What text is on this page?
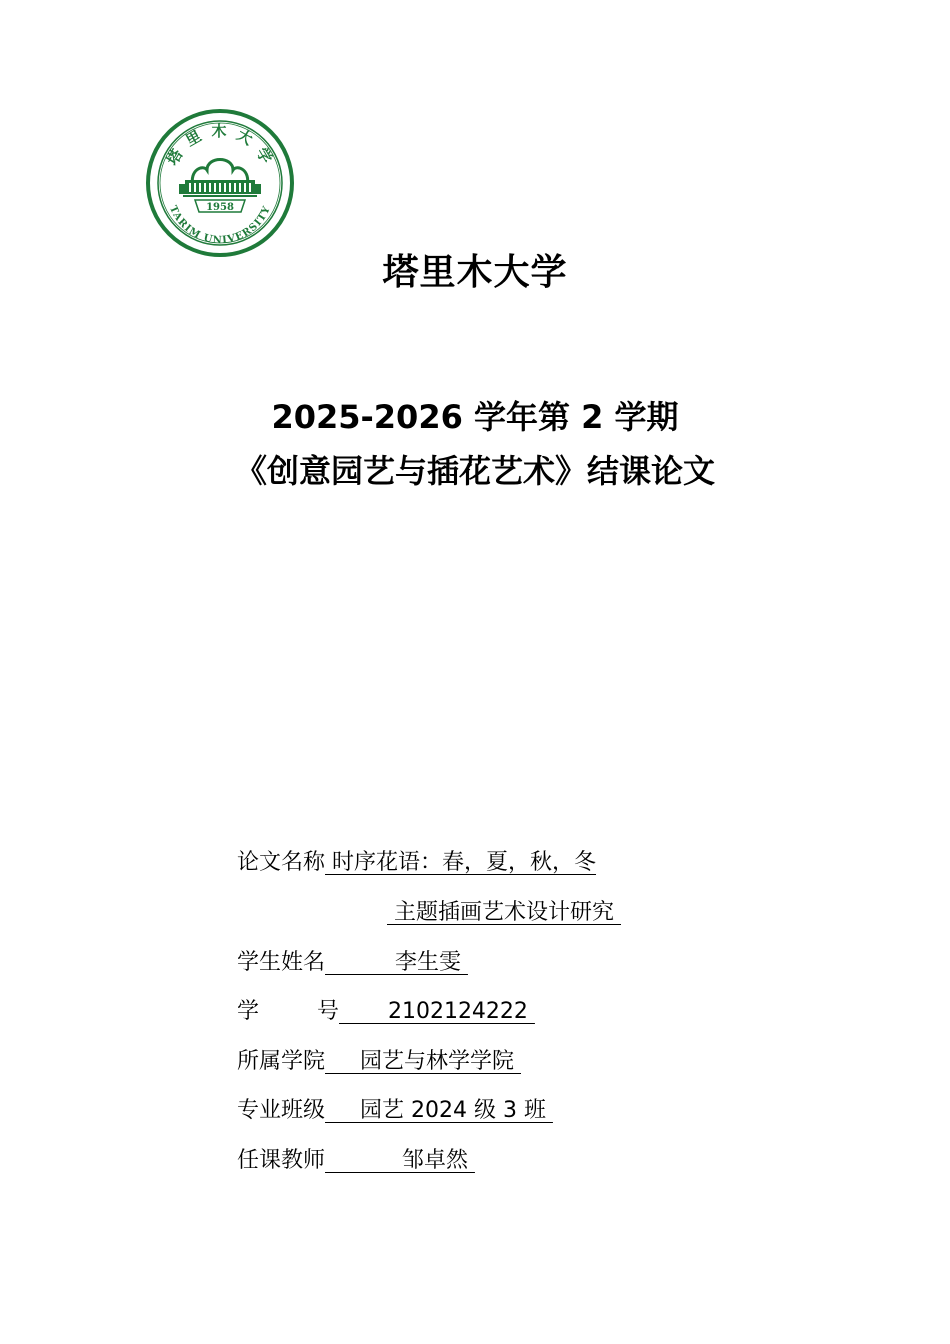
1958
塔 里 木 大 学
TARIM UNIVERSITY
塔里木大学
2025-2026 学年第 2 学期
《创意园艺与插花艺术》结课论文
论文名称 时序花语：春，夏，秋，冬
主题插画艺术设计研究
学生姓名          李生雯
学	号       2102124222
所属学院     园艺与林学学院
专业班级     园艺 2024 级 3 班
任课教师           邹卓然
